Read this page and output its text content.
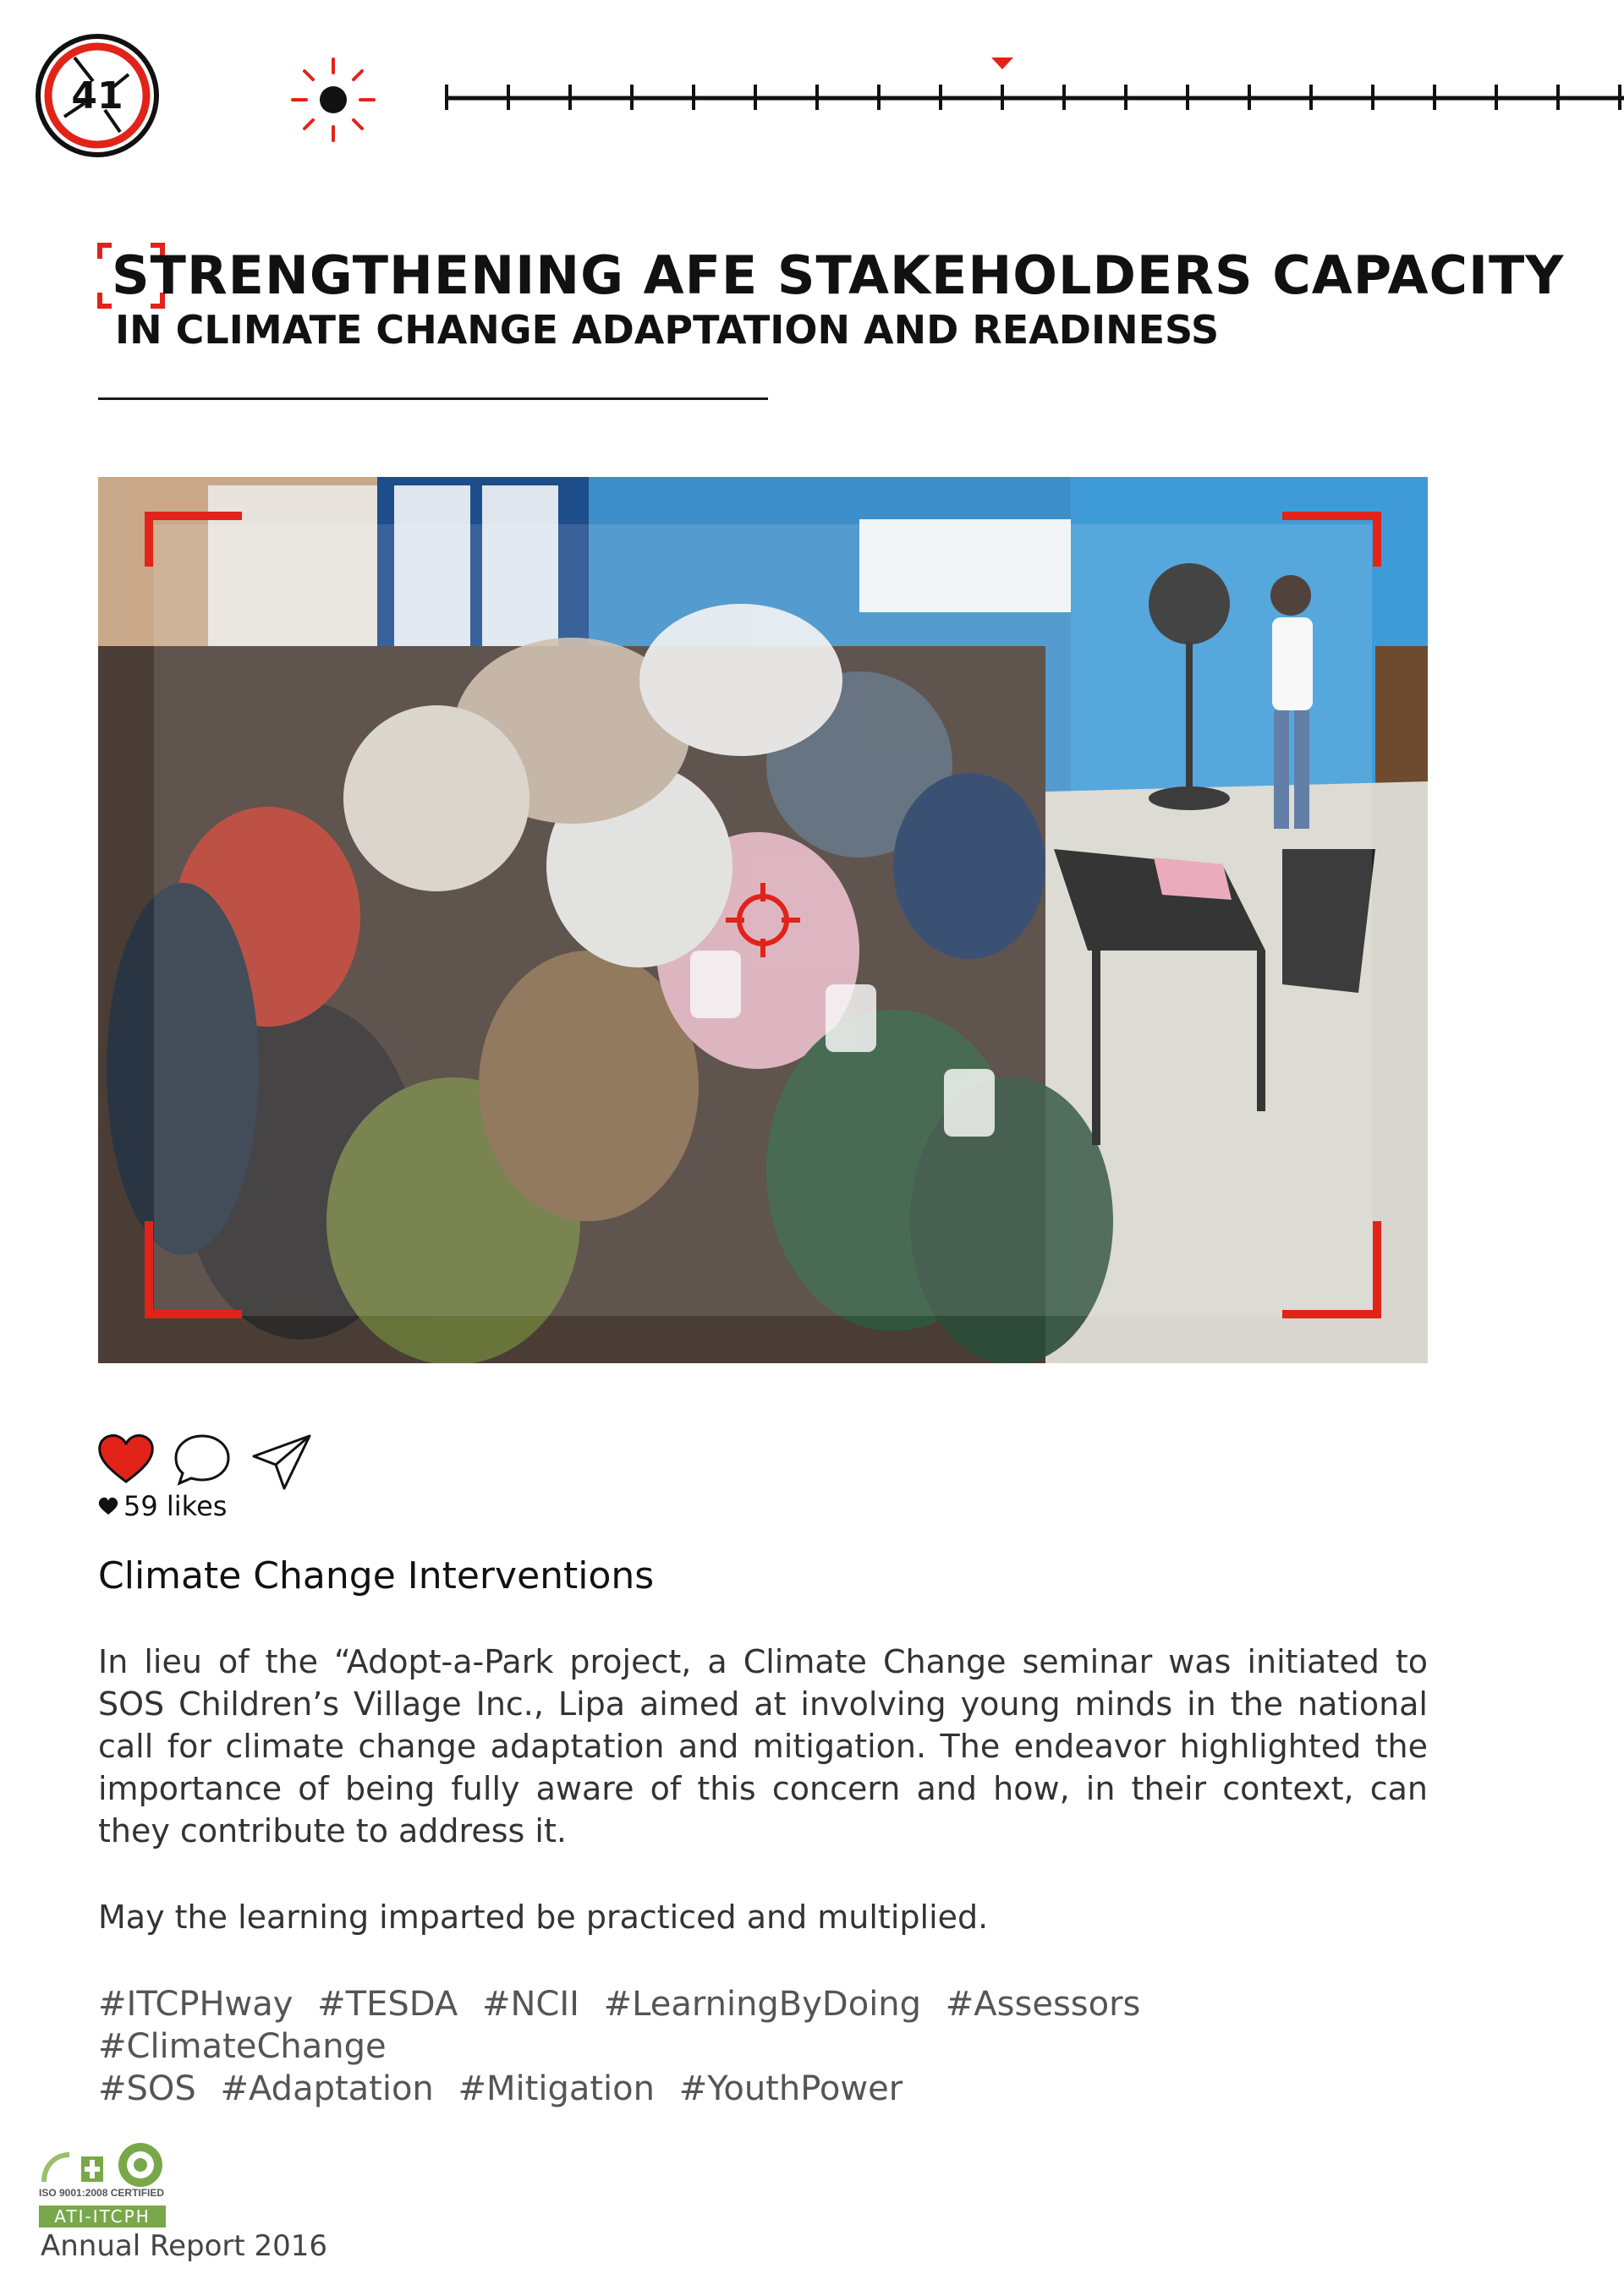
41
STRENGTHENING AFE STAKEHOLDERS CAPACITY
IN CLIMATE CHANGE ADAPTATION AND READINESS
59 likes
Climate Change Interventions

In lieu of the “Adopt-a-Park project, a Climate Change seminar was initiated to SOS Children’s Village Inc., Lipa aimed at involving young minds in the national call for climate change adaptation and mitigation. The endeavor highlighted the importance of being fully aware of this concern and how, in their context, can they contribute to address it.

May the learning imparted be practiced and multiplied.

#ITCPHway #TESDA #NCII #LearningByDoing #Assessors #ClimateChange
#SOS #Adaptation #Mitigation #YouthPower

ISO 9001:2008 CERTIFIED
ATI-ITCPH
Annual Report 2016
